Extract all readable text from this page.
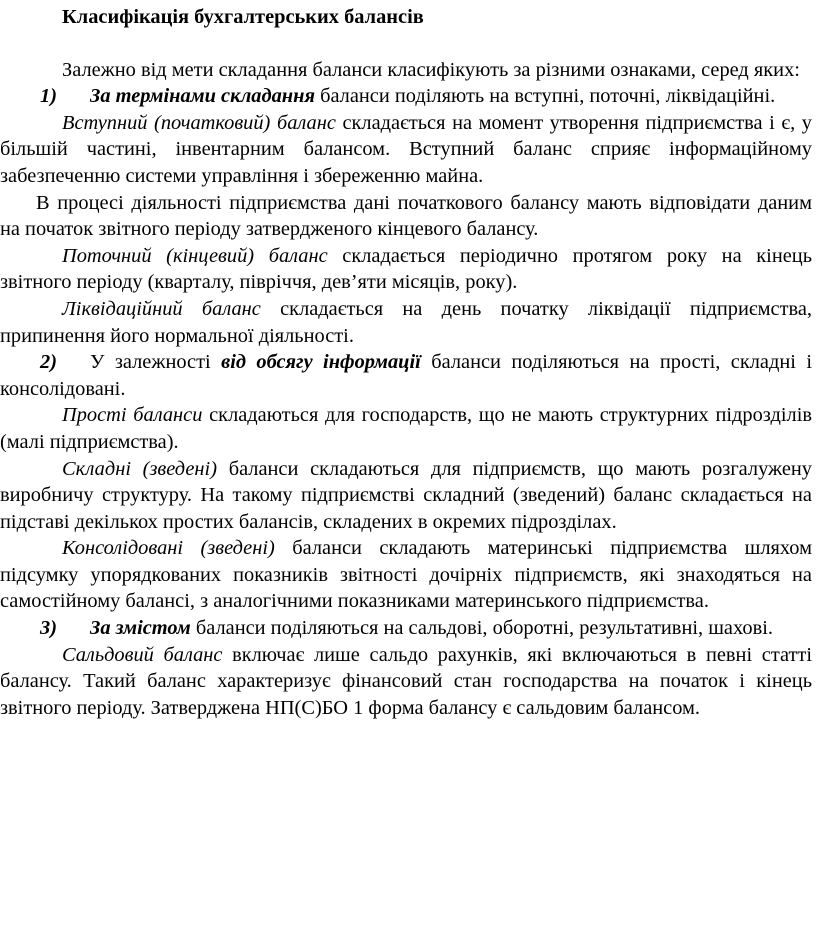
Класифікація бухгалтерських балансів

Залежно від мети складання баланси класифікують за різними ознаками, серед яких:

1) За термінами складання баланси поділяють на вступні, поточні, ліквідаційні.

Вступний (початковий) баланс складається на момент утворення підприємства і є, у більшій частині, інвентарним балансом. Вступний баланс сприяє інформаційному забезпеченню системи управління і збереженню майна.

В процесі діяльності підприємства дані початкового балансу мають відповідати даним на початок звітного періоду затвердженого кінцевого балансу.

Поточний (кінцевий) баланс складається періодично протягом року на кінець звітного періоду (кварталу, півріччя, дев’яти місяців, року).

Ліквідаційний баланс складається на день початку ліквідації підприємства, припинення його нормальної діяльності.

2) У залежності від обсягу інформації баланси поділяються на прості, складні і консолідовані.

Прості баланси складаються для господарств, що не мають структурних підрозділів (малі підприємства).

Складні (зведені) баланси складаються для підприємств, що мають розгалужену виробничу структуру. На такому підприємстві складний (зведений) баланс складається на підставі декількох простих балансів, складених в окремих підрозділах.

Консолідовані (зведені) баланси складають материнські підприємства шляхом підсумку упорядкованих показників звітності дочірніх підприємств, які знаходяться на самостійному балансі, з аналогічними показниками материнського підприємства.

3) За змістом баланси поділяються на сальдові, оборотні, результативні, шахові.

Сальдовий баланс включає лише сальдо рахунків, які включаються в певні статті балансу. Такий баланс характеризує фінансовий стан господарства на початок і кінець звітного періоду. Затверджена НП(С)БО 1 форма балансу є сальдовим балансом.
